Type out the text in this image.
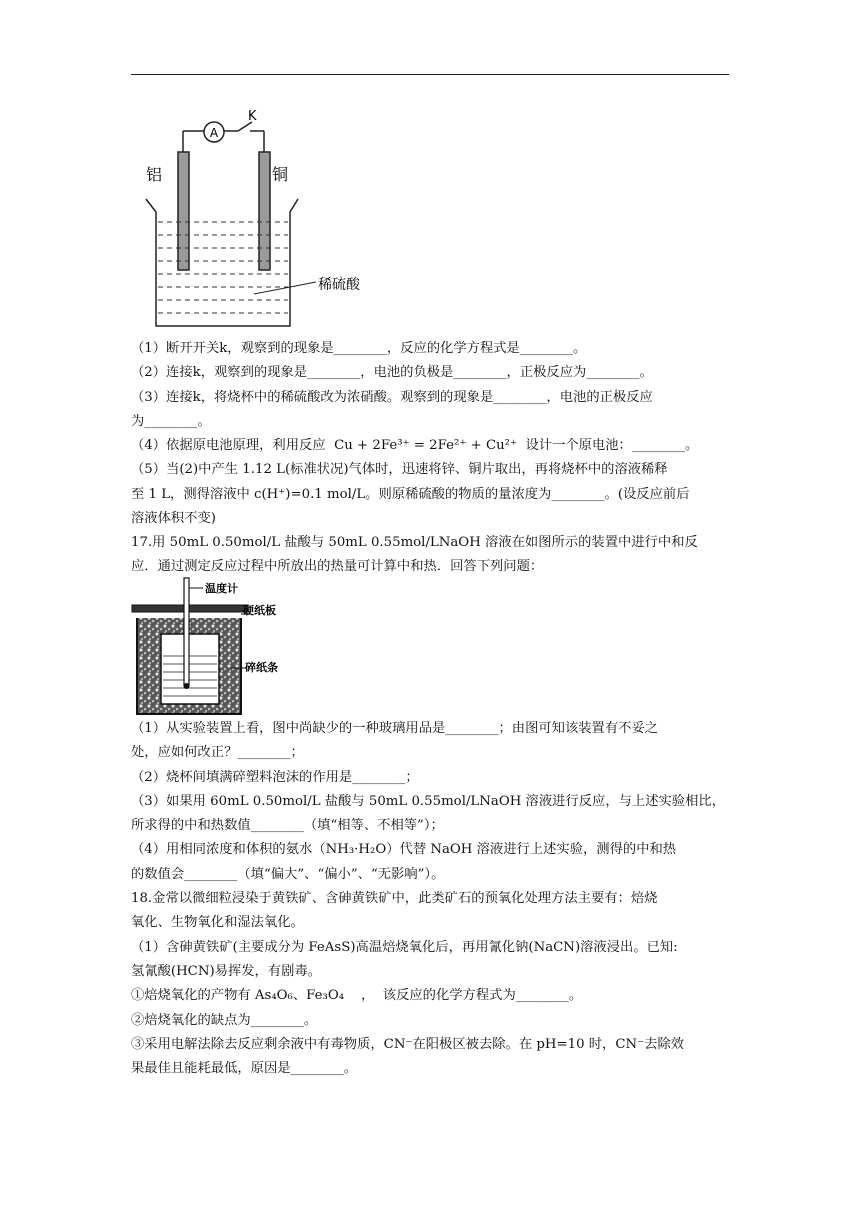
A
K
铝	铜
稀硫酸

（1）断开开关k，观察到的现象是________，反应的化学方程式是________。

（2）连接k，观察到的现象是________，电池的负极是________，正极反应为________。

（3）连接k，将烧杯中的稀硫酸改为浓硝酸。观察到的现象是________，电池的正极反应

为________。

（4）依据原电池原理，利用反应  Cu + 2Fe³⁺ = 2Fe²⁺ + Cu²⁺  设计一个原电池：________。

（5）当(2)中产生 1.12 L(标准状况)气体时，迅速将锌、铜片取出，再将烧杯中的溶液稀释

至 1 L，测得溶液中 c(H⁺)=0.1 mol/L。则原稀硫酸的物质的量浓度为________。(设反应前后

溶液体积不变)

17.用 50mL 0.50mol/L 盐酸与 50mL 0.55mol/LNaOH 溶液在如图所示的装置中进行中和反

应．通过测定反应过程中所放出的热量可计算中和热．回答下列问题：

温度计
硬纸板
碎纸条

（1）从实验装置上看，图中尚缺少的一种玻璃用品是________；由图可知该装置有不妥之

处，应如何改正？________；

（2）烧杯间填满碎塑料泡沫的作用是________；

（3）如果用 60mL 0.50mol/L 盐酸与 50mL 0.55mol/LNaOH 溶液进行反应，与上述实验相比，

所求得的中和热数值________（填“相等、不相等”）；

（4）用相同浓度和体积的氨水（NH₃·H₂O）代替 NaOH 溶液进行上述实验，测得的中和热

的数值会________（填“偏大”、“偏小”、“无影响”）。

18.金常以微细粒浸染于黄铁矿、含砷黄铁矿中，此类矿石的预氧化处理方法主要有：焙烧

氧化、生物氧化和湿法氧化。

（1）含砷黄铁矿(主要成分为 FeAsS)高温焙烧氧化后，再用氰化钠(NaCN)溶液浸出。已知:

氢氰酸(HCN)易挥发，有剧毒。

①焙烧氧化的产物有 As₄O₆、Fe₃O₄    ，  该反应的化学方程式为________。

②焙烧氧化的缺点为________。

③采用电解法除去反应剩余液中有毒物质，CN⁻在阳极区被去除。在 pH=10 时，CN⁻去除效

果最佳且能耗最低，原因是________。
